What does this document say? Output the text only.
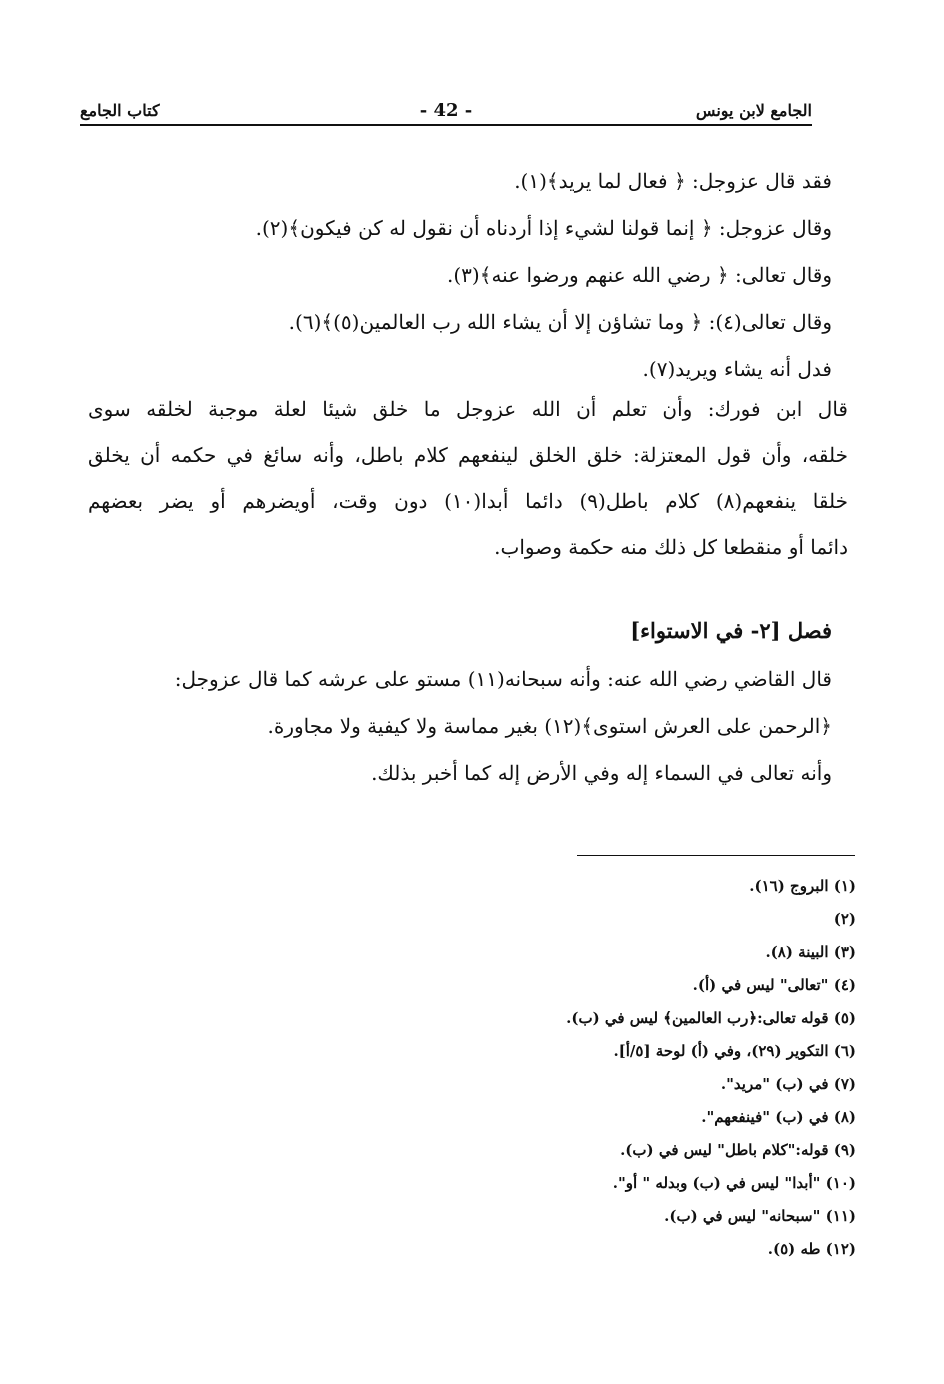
كتاب الجامع	- 42 -	الجامع لابن يونس
فقد قال عزوجل: ﴿ فعال لما يريد﴾(١).
وقال عزوجل: ﴿ إنما قولنا لشيء إذا أردناه أن نقول له كن فيكون﴾(٢).
وقال تعالى: ﴿ رضي الله عنهم ورضوا عنه﴾(٣).
وقال تعالى(٤): ﴿ وما تشاؤن إلا أن يشاء الله رب العالمين(٥)﴾(٦).
فدل أنه يشاء ويريد(٧).
قال ابن فورك: وأن تعلم أن الله عزوجل ما خلق شيئا لعلة موجبة لخلقه سوى
خلقه، وأن قول المعتزلة: خلق الخلق لينفعهم كلام باطل، وأنه سائغ في حكمه أن يخلق
خلقا ينفعهم(٨) كلام باطل(٩) دائما أبدا(١٠) دون وقت، أويضرهم أو يضر بعضهم
دائما أو منقطعا كل ذلك منه حكمة وصواب.
فصل [٢- في الاستواء]
قال القاضي رضي الله عنه: وأنه سبحانه(١١) مستو على عرشه كما قال عزوجل:
﴿الرحمن على العرش استوى﴾(١٢) بغير مماسة ولا كيفية ولا مجاورة.
وأنه تعالى في السماء إله وفي الأرض إله كما أخبر بذلك.
(١) البروج (١٦).
(٢)
(٣) البينة (٨).
(٤) "تعالى" ليس في (أ).
(٥) قوله تعالى:﴿رب العالمين﴾ ليس في (ب).
(٦) التكوير (٢٩)، وفي (أ) لوحة [٥/أ].
(٧) في (ب) "مريد".
(٨) في (ب) "فينفعهم".
(٩) قوله:"كلام باطل" ليس في (ب).
(١٠) "أبدا" ليس في (ب) وبدله " أو".
(١١) "سبحانه" ليس في (ب).
(١٢) طه (٥).
